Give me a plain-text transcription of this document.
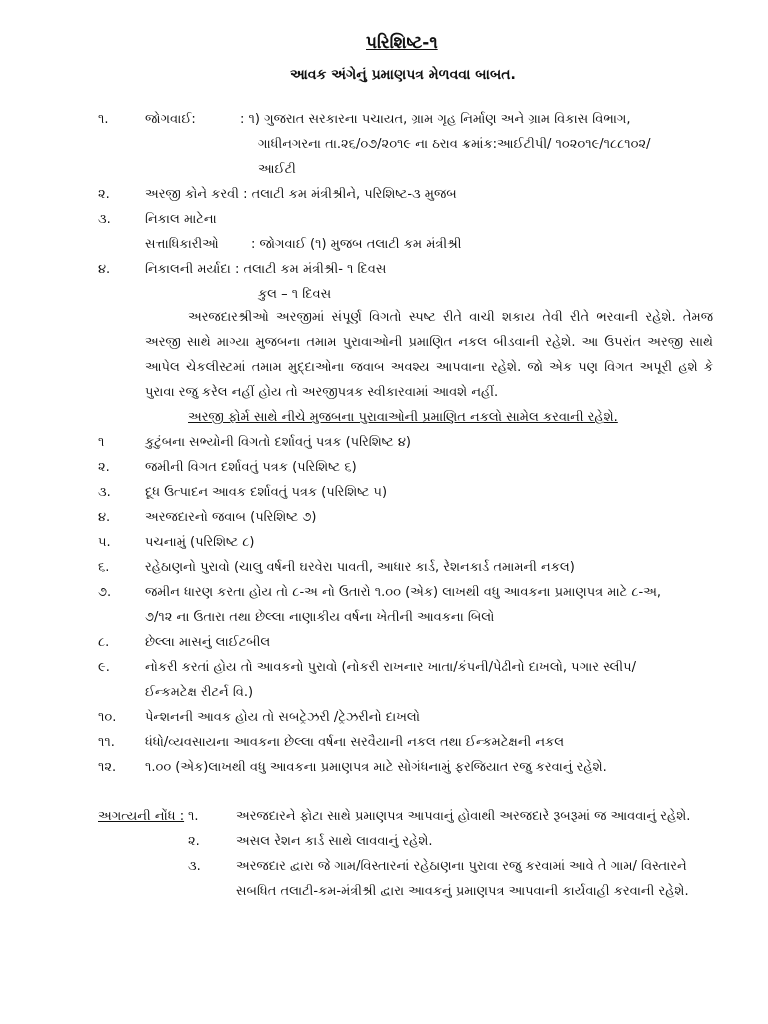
પરિશિષ્ટ-૧
આવક અંગેનું પ્રમાણપત્ર મેળવવા બાબત.
૧.	જોગવાઈ:	: ૧) ગુજરાત સરકારના પચાયત, ગ્રામ ગૃહ નિર્માણ અને ગ્રામ વિકાસ વિભાગ,
ગાધીનગરના તા.૨૬/૦૭/૨૦૧૯ ના ઠરાવ ક્રમાંક:આઈટીપી/ ૧૦૨૦૧૯/૧૮૮૧૦૨/
આઈટી
૨.	અરજી કોને કરવી : તલાટી કમ મંત્રીશ્રીને, પરિશિષ્ટ-૩ મુજબ
૩.	નિકાલ માટેના
સત્તાધિકારીઓ : જોગવાઈ (૧) મુજબ તલાટી કમ મંત્રીશ્રી
૪.	નિકાલની મર્યાદા : તલાટી કમ મંત્રીશ્રી- ૧ દિવસ
કુલ – ૧ દિવસ
અરજદારશ્રીઓ અરજીમાં સંપૂર્ણ વિગતો સ્પષ્ટ રીતે વાચી શકાય તેવી રીતે ભરવાની રહેશે. તેમજ અરજી સાથે માગ્યા મુજબના તમામ પુરાવાઓની પ્રમાણિત નકલ બીડવાની રહેશે. આ ઉપરાંત અરજી સાથે આપેલ ચેકલીસ્ટમાં તમામ મુદ્દાઓના જવાબ અવશ્ય આપવાના રહેશે. જો એક પણ વિગત અપૂરી હશે કે પુરાવા રજુ કરેલ નહીં હોય તો અરજીપત્રક સ્વીકારવામાં આવશે નહીં.
અરજી ફોર્મ સાથે નીચે મુજબના પુરાવાઓની પ્રમાણિત નકલો સામેલ કરવાની રહેશે.
૧	કુટુંબના સભ્યોની વિગતો દર્શાવતું પત્રક (પરિશિષ્ટ ૪)
૨.	જમીની વિગત દર્શાવતું પત્રક (પરિશિષ્ટ ૬)
૩.	દૂધ ઉત્પાદન આવક દર્શાવતું પત્રક (પરિશિષ્ટ ૫)
૪.	અરજદારનો જવાબ (પરિશિષ્ટ ૭)
૫.	પચનામું (પરિશિષ્ટ ૮)
૬.	રહેઠાણનો પુરાવો (ચાલુ વર્ષની ઘરવેરા પાવતી, આધાર કાર્ડ, રેશનકાર્ડ તમામની નકલ)
૭.	જમીન ધારણ કરતા હોય તો ૮-અ નો ઉતારો ૧.૦૦ (એક) લાખથી વધુ આવકના પ્રમાણપત્ર માટે ૮-અ,
૭/૧૨ ના ઉતારા તથા છેલ્લા નાણાકીય વર્ષના ખેતીની આવકના બિલો
૮.	છેલ્લા માસનું લાઈટબીલ
૯.	નોકરી કરતાં હોય તો આવકનો પુરાવો (નોકરી રાખનાર ખાતા/કંપની/પેઢીનો દાખલો, પગાર સ્લીપ/
ઈન્કમટેક્ષ રીટર્ન વિ.)
૧૦. પેન્શનની આવક હોય તો સબટ્રેઝરી /ટ્રેઝરીનો દાખલો
૧૧. ધંધો/વ્યવસાયના આવકના છેલ્લા વર્ષના સરવૈયાની નકલ તથા ઈન્કમટેક્ષની નકલ
૧૨. ૧.૦૦ (એક)લાખથી વધુ આવકના પ્રમાણપત્ર માટે સોગંધનામું ફરજિયાત રજુ કરવાનું રહેશે.
અગત્યની નોંધ : ૧.	અરજદારને ફોટા સાથે પ્રમાણપત્ર આપવાનું હોવાથી અરજદારે રૂબરૂમાં જ આવવાનું રહેશે.
૨.	અસલ રેશન કાર્ડ સાથે લાવવાનું રહેશે.
૩.	અરજદાર દ્વારા જે ગામ/વિસ્તારનાં રહેઠાણના પુરાવા રજુ કરવામાં આવે તે ગામ/ વિસ્તારને
સબધિત તલાટી-કમ-મંત્રીશ્રી દ્વારા આવકનું પ્રમાણપત્ર આપવાની કાર્યવાહી કરવાની રહેશે.
